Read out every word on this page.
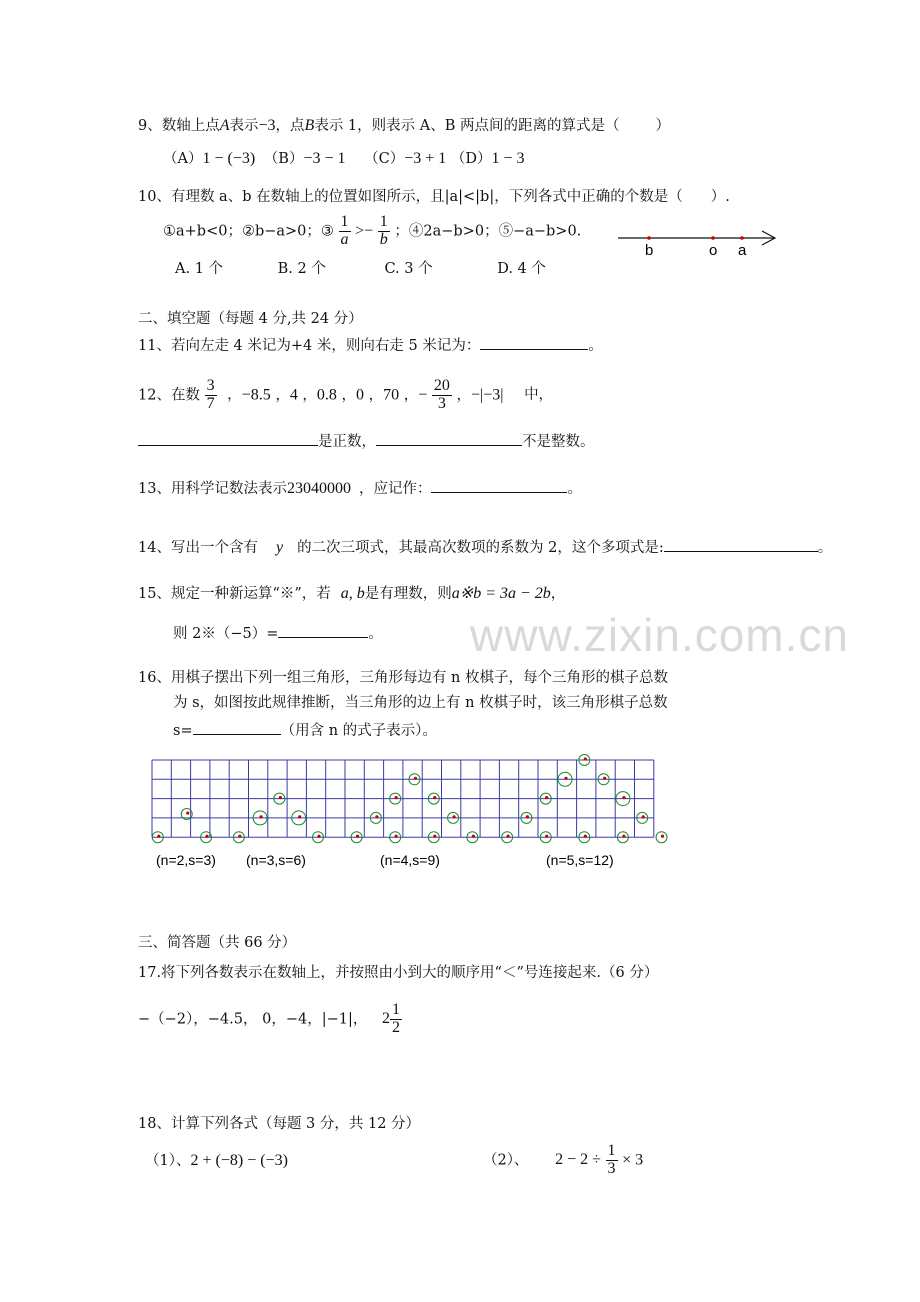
www.zixin.com.cn
9、数轴上点A表示−3，点B表示 1，则表示 A、B 两点间的距离的算式是（ ）
（A）1 − (−3) （B）−3 − 1 （C）−3 + 1 （D）1 − 3
10、有理数 a、b 在数轴上的位置如图所示，且|a|<|b|，下列各式中正确的个数是（ ）.
①a+b<0；②b−a>0；③ $\frac{1}{a} >- \frac{1}{b}$ ；④2a−b>0；⑤−a−b>0.
b	o a
A. 1 个	B. 2 个	C. 3 个	D. 4 个
二、填空题（每题 4 分,共 24 分）
11、若向左走 4 米记为+4 米，则向右走 5 米记为：	。
12、在数 $\frac{3}{7}$ ，−8.5 ，4 ，0.8 ，0 ，70 ，− $\frac{20}{3}$ ，−|−3| 中，
是正数，	不是整数。
13、用科学记数法表示23040000 ，应记作：	。
14、写出一个含有 y 的二次三项式，其最高次数项的系数为 2，这个多项式是:	。
15、规定一种新运算“※”，若 a, b是有理数，则a※b = 3a − 2b，
则 2※（−5）=	。
16、用棋子摆出下列一组三角形，三角形每边有 n 枚棋子，每个三角形的棋子总数
为 s，如图按此规律推断，当三角形的边上有 n 枚棋子时，该三角形棋子总数
s=	（用含 n 的式子表示）。
(n=2,s=3) (n=3,s=6)	(n=4,s=9)	(n=5,s=12)
三、简答题（共 66 分）
17.将下列各数表示在数轴上，并按照由小到大的顺序用“＜”号连接起来.（6 分）
−（−2），−4.5， 0，−4，|−1|， $2 \frac{1}{2}$
18、计算下列各式（每题 3 分，共 12 分）
（1）、2 + (−8) − (−3)	（2）、 $2 - 2 \div \frac{1}{3} \times 3$
